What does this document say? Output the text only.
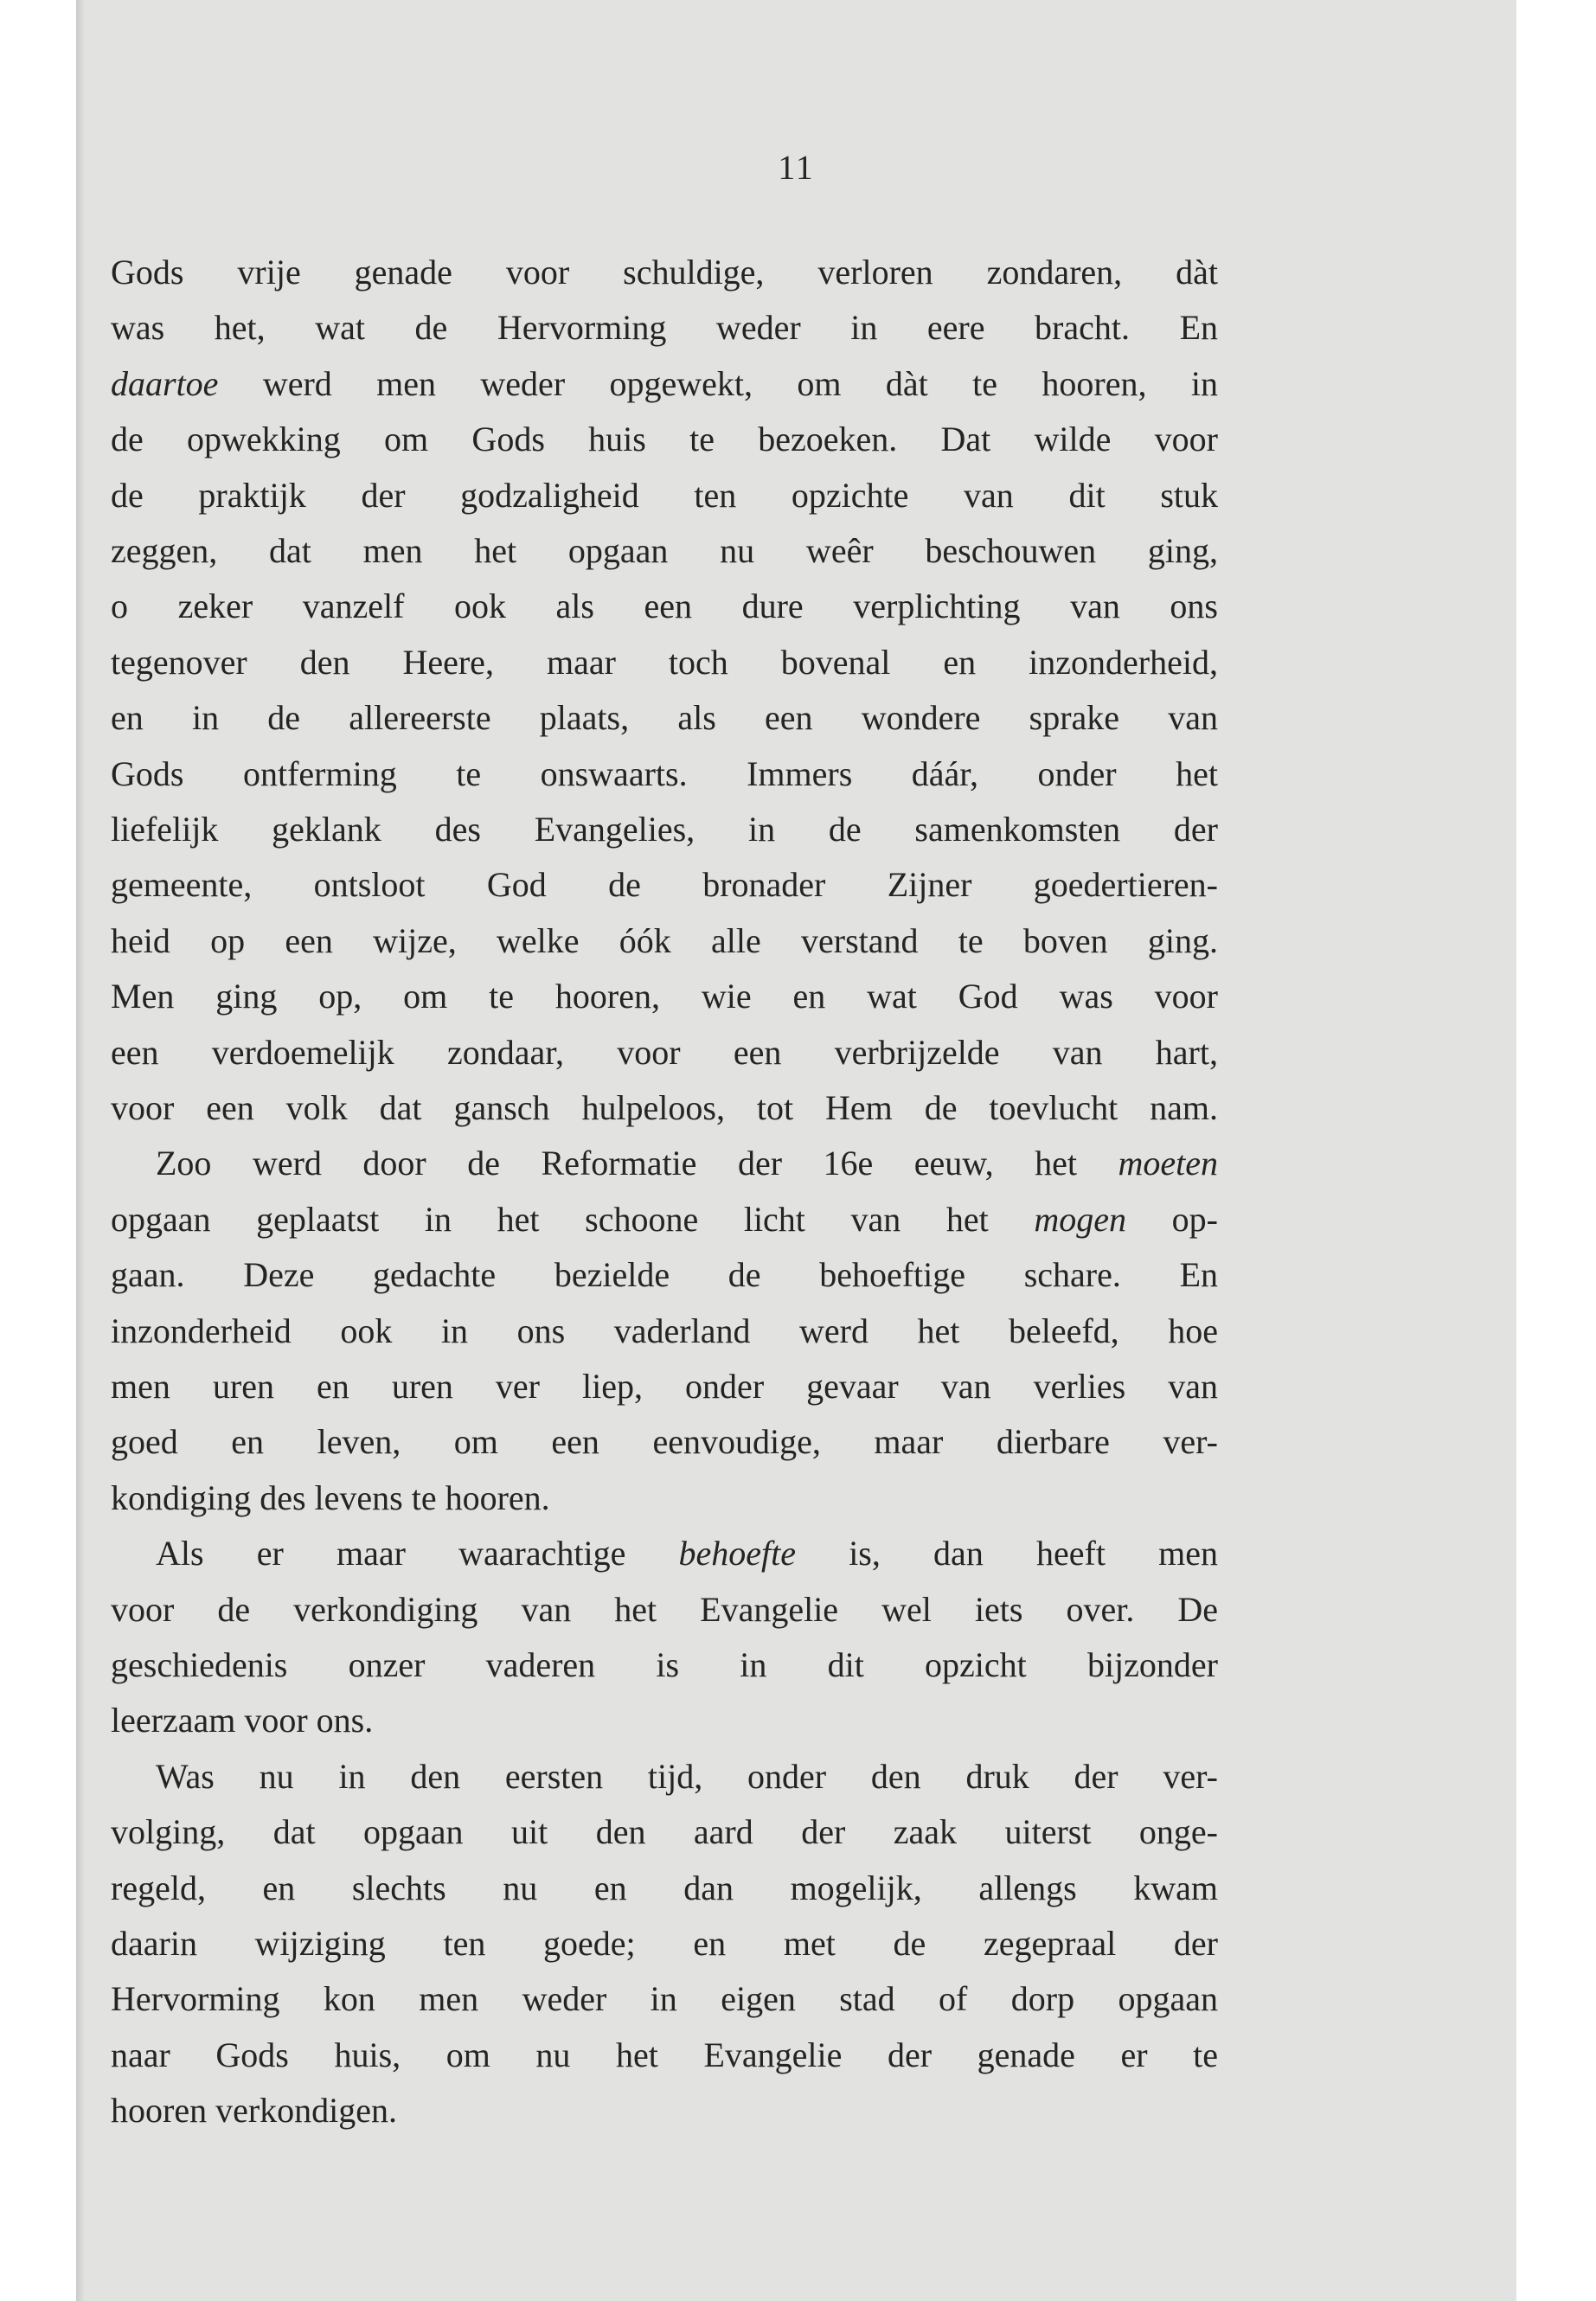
11
Gods vrije genade voor schuldige, verloren zondaren, dàt
was het, wat de Hervorming weder in eere bracht. En
daartoe werd men weder opgewekt, om dàt te hooren, in
de opwekking om Gods huis te bezoeken. Dat wilde voor
de praktijk der godzaligheid ten opzichte van dit stuk
zeggen, dat men het opgaan nu weêr beschouwen ging,
o zeker vanzelf ook als een dure verplichting van ons
tegenover den Heere, maar toch bovenal en inzonderheid,
en in de allereerste plaats, als een wondere sprake van
Gods ontferming te onswaarts. Immers dáár, onder het
liefelijk geklank des Evangelies, in de samenkomsten der
gemeente, ontsloot God de bronader Zijner goedertieren-
heid op een wijze, welke óók alle verstand te boven ging.
Men ging op, om te hooren, wie en wat God was voor
een verdoemelijk zondaar, voor een verbrijzelde van hart,
voor een volk dat gansch hulpeloos, tot Hem de toevlucht nam.
Zoo werd door de Reformatie der 16e eeuw, het moeten
opgaan geplaatst in het schoone licht van het mogen op-
gaan. Deze gedachte bezielde de behoeftige schare. En
inzonderheid ook in ons vaderland werd het beleefd, hoe
men uren en uren ver liep, onder gevaar van verlies van
goed en leven, om een eenvoudige, maar dierbare ver-
kondiging des levens te hooren.
Als er maar waarachtige behoefte is, dan heeft men
voor de verkondiging van het Evangelie wel iets over. De
geschiedenis onzer vaderen is in dit opzicht bijzonder
leerzaam voor ons.
Was nu in den eersten tijd, onder den druk der ver-
volging, dat opgaan uit den aard der zaak uiterst onge-
regeld, en slechts nu en dan mogelijk, allengs kwam
daarin wijziging ten goede; en met de zegepraal der
Hervorming kon men weder in eigen stad of dorp opgaan
naar Gods huis, om nu het Evangelie der genade er te
hooren verkondigen.
